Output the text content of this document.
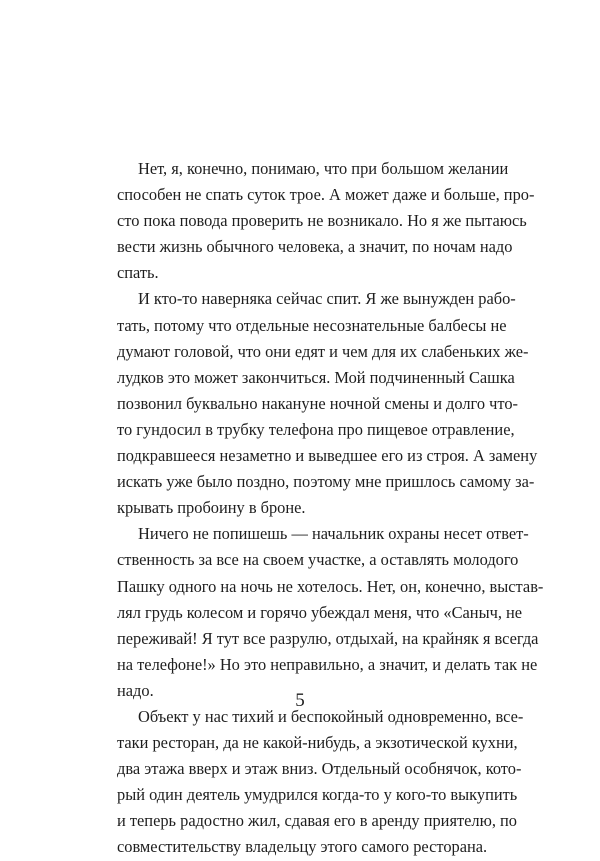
Нет, я, конечно, понимаю, что при большом желании
способен не спать суток трое. А может даже и больше, про-
сто пока повода проверить не возникало. Но я же пытаюсь
вести жизнь обычного человека, а значит, по ночам надо
спать.
И кто-то наверняка сейчас спит. Я же вынужден рабо-
тать, потому что отдельные несознательные балбесы не
думают головой, что они едят и чем для их слабеньких же-
лудков это может закончиться. Мой подчиненный Сашка
позвонил буквально накануне ночной смены и долго что-
то гундосил в трубку телефона про пищевое отравление,
подкравшееся незаметно и выведшее его из строя. А замену
искать уже было поздно, поэтому мне пришлось самому за-
крывать пробоину в броне.
Ничего не попишешь — начальник охраны несет ответ-
ственность за все на своем участке, а оставлять молодого
Пашку одного на ночь не хотелось. Нет, он, конечно, выстав-
лял грудь колесом и горячо убеждал меня, что «Саныч, не
переживай! Я тут все разрулю, отдыхай, на крайняк я всегда
на телефоне!» Но это неправильно, а значит, и делать так не
надо.
Объект у нас тихий и беспокойный одновременно, все-
таки ресторан, да не какой-нибудь, а экзотической кухни,
два этажа вверх и этаж вниз. Отдельный особнячок, кото-
рый один деятель умудрился когда-то у кого-то выкупить
и теперь радостно жил, сдавая его в аренду приятелю, по
совместительству владельцу этого самого ресторана.
5
